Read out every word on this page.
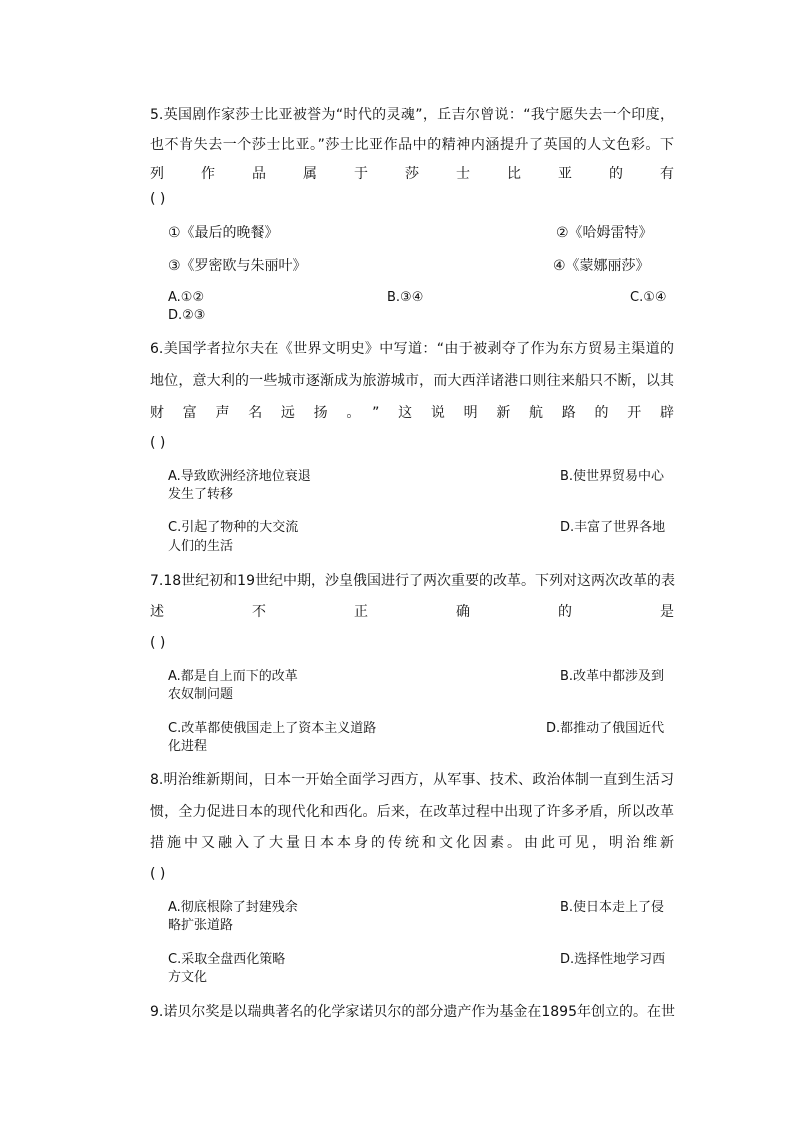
5.英国剧作家莎士比亚被誉为“时代的灵魂”，丘吉尔曾说：“我宁愿失去一个印度，
也不肯失去一个莎士比亚。”莎士比亚作品中的精神内涵提升了英国的人文色彩。下
列作品属于莎士比亚的有
( )
①《最后的晚餐》	②《哈姆雷特》
③《罗密欧与朱丽叶》	④《蒙娜丽莎》
A.①②	B.③④	C.①④
D.②③
6.美国学者拉尔夫在《世界文明史》中写道：“由于被剥夺了作为东方贸易主渠道的
地位，意大利的一些城市逐渐成为旅游城市，而大西洋诸港口则往来船只不断，以其
财富声名远扬。”这说明新航路的开辟
( )
A.导致欧洲经济地位衰退	B.使世界贸易中心
发生了转移
C.引起了物种的大交流	D.丰富了世界各地
人们的生活
7.18世纪初和19世纪中期，沙皇俄国进行了两次重要的改革。下列对这两次改革的表
述不正确的是
( )
A.都是自上而下的改革	B.改革中都涉及到
农奴制问题
C.改革都使俄国走上了资本主义道路	D.都推动了俄国近代
化进程
8.明治维新期间，日本一开始全面学习西方，从军事、技术、政治体制一直到生活习
惯，全力促进日本的现代化和西化。后来，在改革过程中出现了许多矛盾，所以改革
措施中又融入了大量日本本身的传统和文化因素。由此可见，明治维新
( )
A.彻底根除了封建残余	B.使日本走上了侵
略扩张道路
C.采取全盘西化策略	D.选择性地学习西
方文化
9.诺贝尔奖是以瑞典著名的化学家诺贝尔的部分遗产作为基金在1895年创立的。在世
